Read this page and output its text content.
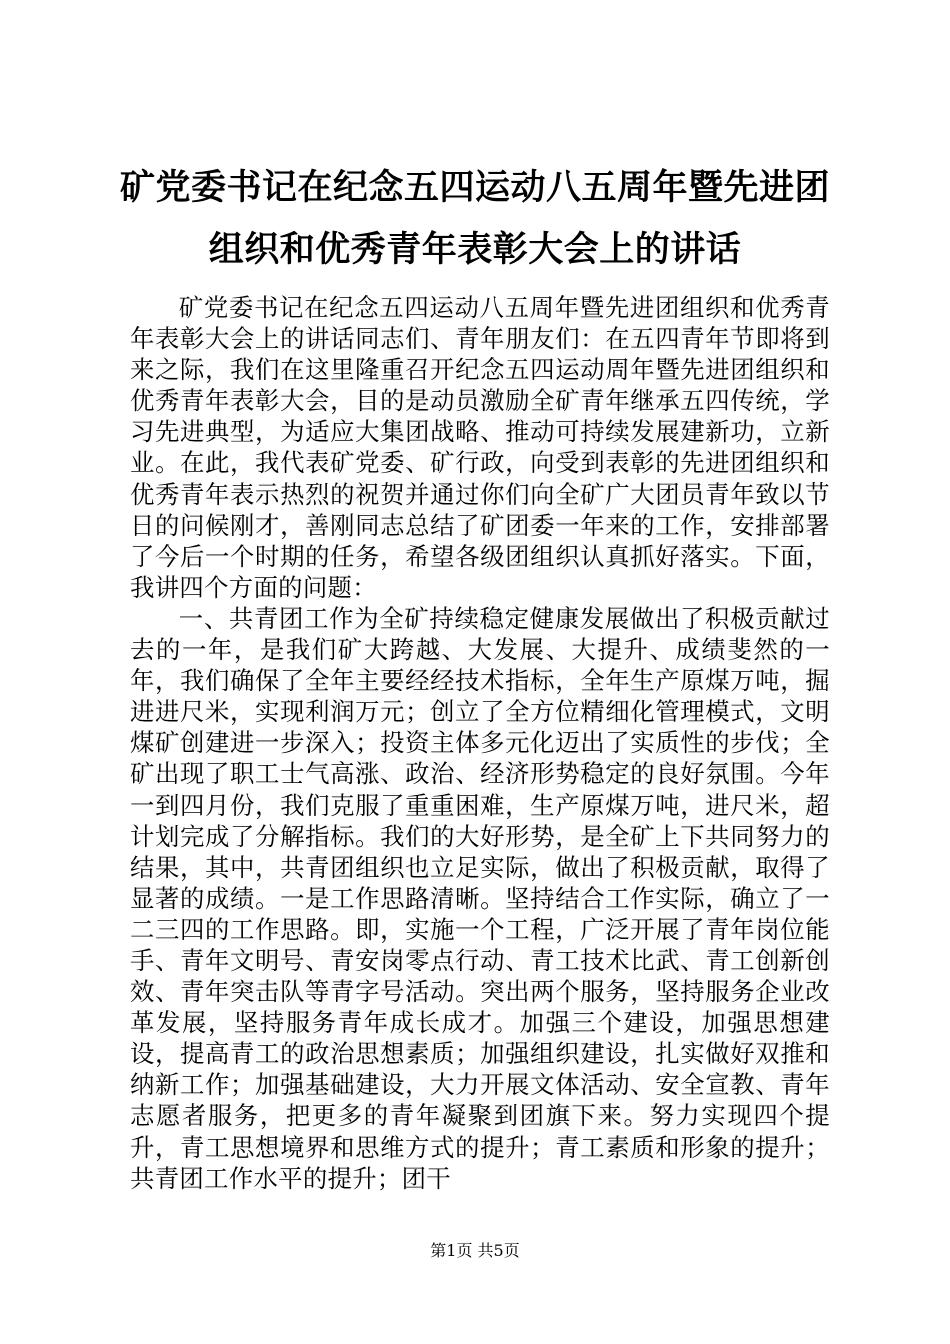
矿党委书记在纪念五四运动八五周年暨先进团
组织和优秀青年表彰大会上的讲话

矿党委书记在纪念五四运动八五周年暨先进团组织和优秀青年表彰大会上的讲话同志们、青年朋友们：在五四青年节即将到来之际，我们在这里隆重召开纪念五四运动周年暨先进团组织和优秀青年表彰大会，目的是动员激励全矿青年继承五四传统，学习先进典型，为适应大集团战略、推动可持续发展建新功，立新业。在此，我代表矿党委、矿行政，向受到表彰的先进团组织和优秀青年表示热烈的祝贺并通过你们向全矿广大团员青年致以节日的问候刚才，善刚同志总结了矿团委一年来的工作，安排部署了今后一个时期的任务，希望各级团组织认真抓好落实。下面，我讲四个方面的问题：

一、共青团工作为全矿持续稳定健康发展做出了积极贡献过去的一年，是我们矿大跨越、大发展、大提升、成绩斐然的一年，我们确保了全年主要经经技术指标，全年生产原煤万吨，掘进进尺米，实现利润万元；创立了全方位精细化管理模式，文明煤矿创建进一步深入；投资主体多元化迈出了实质性的步伐；全矿出现了职工士气高涨、政治、经济形势稳定的良好氛围。今年一到四月份，我们克服了重重困难，生产原煤万吨，进尺米，超计划完成了分解指标。我们的大好形势，是全矿上下共同努力的结果，其中，共青团组织也立足实际，做出了积极贡献，取得了显著的成绩。一是工作思路清晰。坚持结合工作实际，确立了一二三四的工作思路。即，实施一个工程，广泛开展了青年岗位能手、青年文明号、青安岗零点行动、青工技术比武、青工创新创效、青年突击队等青字号活动。突出两个服务，坚持服务企业改革发展，坚持服务青年成长成才。加强三个建设，加强思想建设，提高青工的政治思想素质；加强组织建设，扎实做好双推和纳新工作；加强基础建设，大力开展文体活动、安全宣教、青年志愿者服务，把更多的青年凝聚到团旗下来。努力实现四个提升，青工思想境界和思维方式的提升；青工素质和形象的提升；共青团工作水平的提升；团干

第1页 共5页
